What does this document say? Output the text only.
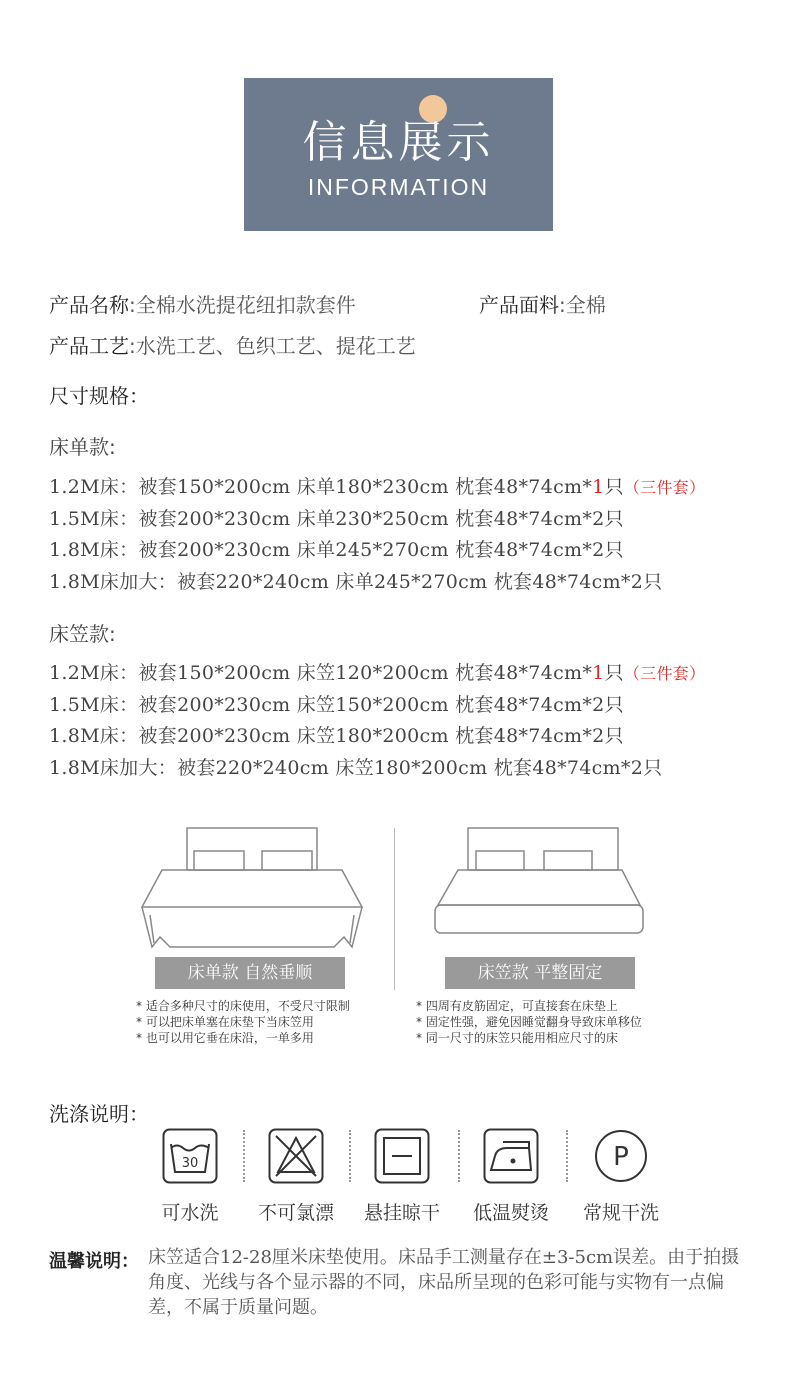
信息展示
INFORMATION
产品名称:全棉水洗提花纽扣款套件	产品面料:全棉
产品工艺:水洗工艺、色织工艺、提花工艺
尺寸规格：
床单款:
1.2M床：被套150*200cm 床单180*230cm 枕套48*74cm*1只（三件套）
1.5M床：被套200*230cm 床单230*250cm 枕套48*74cm*2只
1.8M床：被套200*230cm 床单245*270cm 枕套48*74cm*2只
1.8M床加大：被套220*240cm 床单245*270cm 枕套48*74cm*2只
床笠款:
1.2M床：被套150*200cm 床笠120*200cm 枕套48*74cm*1只（三件套）
1.5M床：被套200*230cm 床笠150*200cm 枕套48*74cm*2只
1.8M床：被套200*230cm 床笠180*200cm 枕套48*74cm*2只
1.8M床加大：被套220*240cm 床笠180*200cm 枕套48*74cm*2只
床单款 自然垂顺
* 适合多种尺寸的床使用，不受尺寸限制
* 可以把床单塞在床垫下当床笠用
* 也可以用它垂在床沿，一单多用
床笠款 平整固定
* 四周有皮筋固定，可直接套在床垫上
* 固定性强，避免因睡觉翻身导致床单移位
* 同一尺寸的床笠只能用相应尺寸的床
洗涤说明：
30
可水洗	不可氯漂	悬挂晾干	低温熨烫
P
常规干洗
温馨说明： 床笠适合12-28厘米床垫使用。床品手工测量存在±3-5cm误差。由于拍摄角度、光线与各个显示器的不同，床品所呈现的色彩可能与实物有一点偏差，不属于质量问题。
